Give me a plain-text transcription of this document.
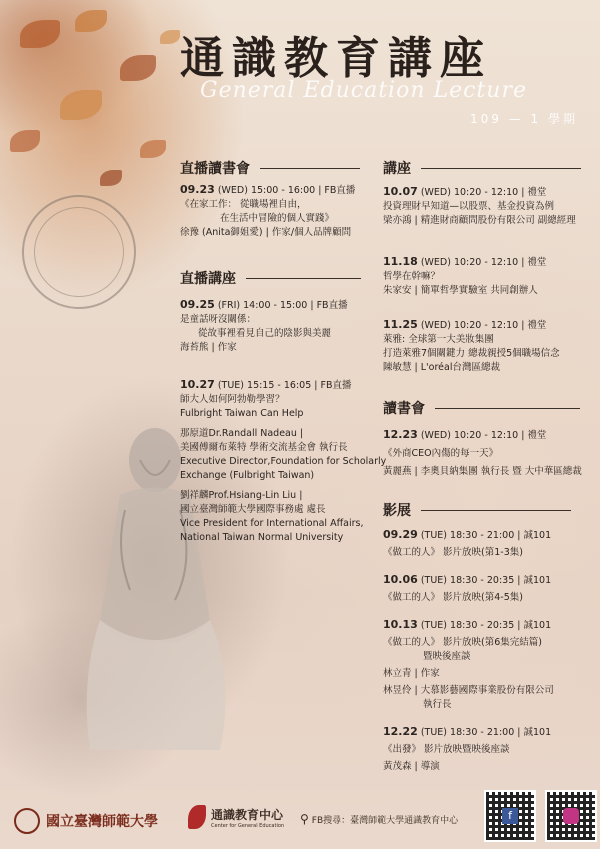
通識教育講座
General Education Lecture
109 — 1 學期
直播讀書會
09.23 (WED) 15:00 - 16:00 | FB直播
《在家工作： 從職場裡自由，
在生活中冒險的個人實踐》
徐豫 (Anita御姐愛) | 作家/個人品牌顧問
直播講座
09.25 (FRI) 14:00 - 15:00 | FB直播
是童話呀沒關係：
從故事裡看見自己的陰影與美麗
海苔熊 | 作家
10.27 (TUE) 15:15 - 16:05 | FB直播
師大人如何阿勃勒學習？
Fulbright Taiwan Can Help
那原道Dr.Randall Nadeau |
美國傅爾布萊特 學術交流基金會 執行長
Executive Director,Foundation for Scholarly
Exchange (Fulbright Taiwan)
劉祥麟Prof.Hsiang-Lin Liu |
國立臺灣師範大學國際事務處 處長
Vice President for International Affairs,
National Taiwan Normal University
講座
10.07 (WED) 10:20 - 12:10 | 禮堂
投資理財早知道—以股票、基金投資為例
梁亦鴻 | 精進財商顧問股份有限公司 副總經理
11.18 (WED) 10:20 - 12:10 | 禮堂
哲學在幹嘛？
朱家安 | 簡單哲學實驗室 共同創辦人
11.25 (WED) 10:20 - 12:10 | 禮堂
萊雅: 全球第一大美妝集團
打造萊雅7個關鍵力 總裁親授5個職場信念
陳敏慧 | L'oréal台灣區總裁
讀書會
12.23 (WED) 10:20 - 12:10 | 禮堂
《外商CEO內傷的每一天》
黃麗燕 | 李奧貝納集團 執行長 暨 大中華區總裁
影展
09.29 (TUE) 18:30 - 21:00 | 誠101
《做工的人》 影片放映(第1-3集)
10.06 (TUE) 18:30 - 20:35 | 誠101
《做工的人》 影片放映(第4-5集)
10.13 (TUE) 18:30 - 20:35 | 誠101
《做工的人》 影片放映(第6集完結篇)
暨映後座談
林立青 | 作家
林昱伶 | 大慕影藝國際事業股份有限公司
執行長
12.22 (TUE) 18:30 - 21:00 | 誠101
《出發》 影片放映暨映後座談
黃茂森 | 導演
國立臺灣師範大學	通識教育中心
Center for General Education ⚲ FB搜尋：臺灣師範大學通識教育中心	f
